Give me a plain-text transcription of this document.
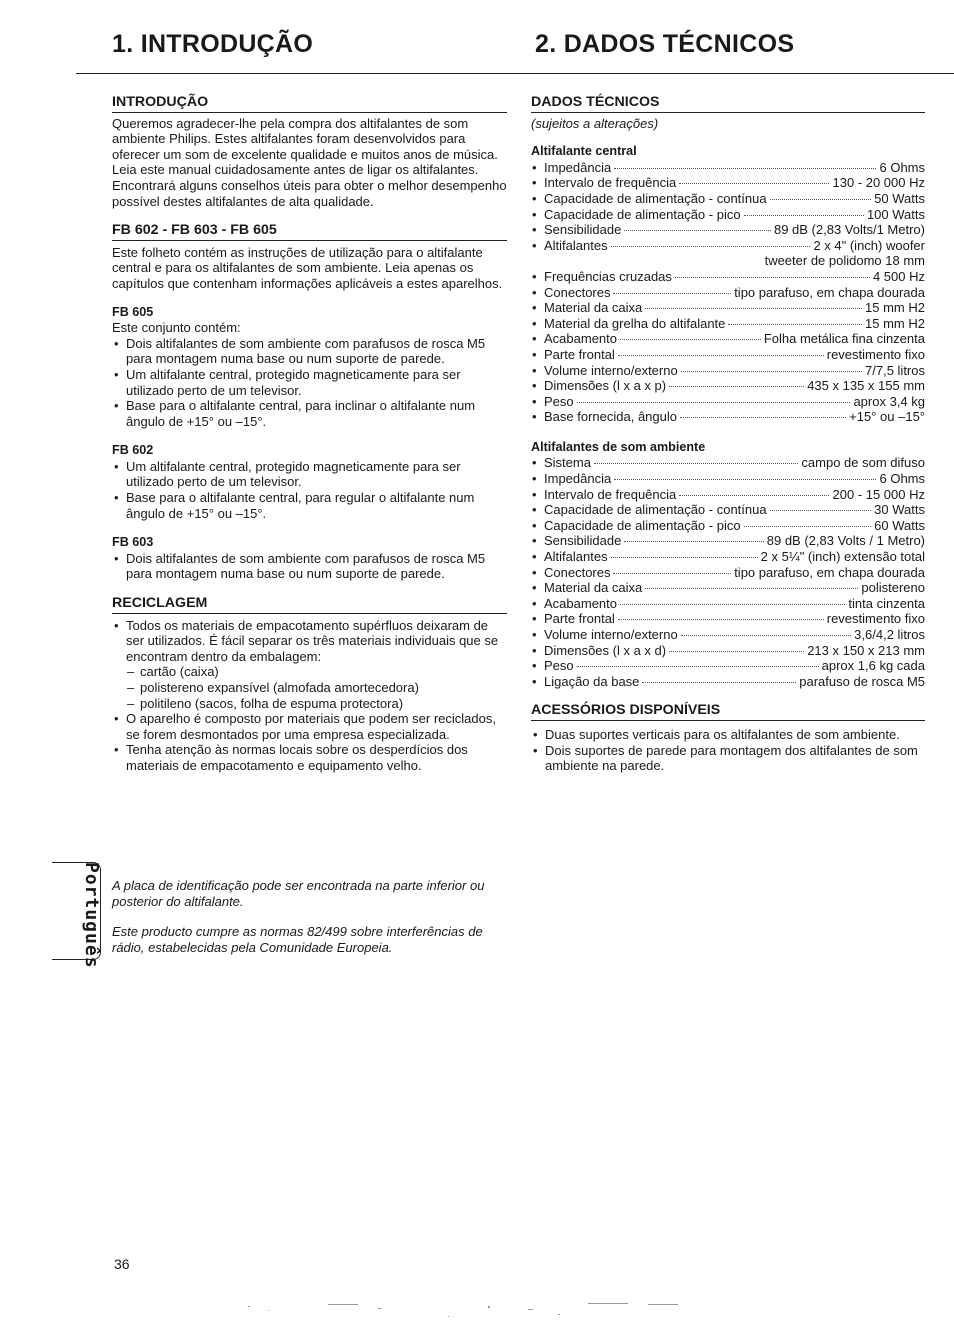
1. INTRODUÇÃO	2. DADOS TÉCNICOS
INTRODUÇÃO

Queremos agradecer-lhe pela compra dos altifalantes de som ambiente Philips. Estes altifalantes foram desenvolvidos para oferecer um som de excelente qualidade e muitos anos de música.

Leia este manual cuidadosamente antes de ligar os altifalantes. Encontrará alguns conselhos úteis para obter o melhor desempenho possível destes altifalantes de alta qualidade.

FB 602 - FB 603 - FB 605

Este folheto contém as instruções de utilização para o altifalante central e para os altifalantes de som ambiente. Leia apenas os capítulos que contenham informações aplicáveis a estes aparelhos.

FB 605

Este conjunto contém:

• Dois altifalantes de som ambiente com parafusos de rosca M5 para montagem numa base ou num suporte de parede.
• Um altifalante central, protegido magneticamente para ser utilizado perto de um televisor.
• Base para o altifalante central, para inclinar o altifalante num ângulo de +15° ou –15°.
FB 602
• Um altifalante central, protegido magneticamente para ser utilizado perto de um televisor.
• Base para o altifalante central, para regular o altifalante num ângulo de +15° ou –15°.
FB 603
• Dois altifalantes de som ambiente com parafusos de rosca M5 para montagem numa base ou num suporte de parede.
RECICLAGEM
• Todos os materiais de empacotamento supérfluos deixaram de ser utilizados. É fácil separar os três materiais individuais que se encontram dentro da embalagem:
– cartão (caixa)
– polistereno expansível (almofada amortecedora)
– politileno (sacos, folha de espuma protectora)
• O aparelho é composto por materiais que podem ser reciclados, se forem desmontados por uma empresa especializada.
• Tenha atenção às normas locais sobre os desperdícios dos materiais de empacotamento e equipamento velho.
Português A placa de identificação pode ser encontrada na parte inferior ou posterior do altifalante.

Este producto cumpre as normas 82/499 sobre interferências de rádio, estabelecidas pela Comunidade Europeia.

DADOS TÉCNICOS

(sujeitos a alterações)

Altifalante central
• Impedância	6 Ohms
• Intervalo de frequência	130 - 20 000 Hz
• Capacidade de alimentação - contínua	50 Watts
• Capacidade de alimentação - pico	100 Watts
• Sensibilidade	89 dB (2,83 Volts/1 Metro)
• Altifalantes	2 x 4" (inch) woofer
tweeter de polidomo 18 mm
• Frequências cruzadas	4 500 Hz
• Conectores	tipo parafuso, em chapa dourada
• Material da caixa	15 mm H2
• Material da grelha do altifalante	15 mm H2
• Acabamento	Folha metálica fina cinzenta
• Parte frontal	revestimento fixo
• Volume interno/externo	7/7,5 litros
• Dimensões (l x a x p)	435 x 135 x 155 mm
• Peso	aprox 3,4 kg
• Base fornecida, ângulo	+15° ou –15°
Altifalantes de som ambiente
• Sistema	campo de som difuso
• Impedância	6 Ohms
• Intervalo de frequência	200 - 15 000 Hz
• Capacidade de alimentação - contínua	30 Watts
• Capacidade de alimentação - pico	60 Watts
• Sensibilidade	89 dB (2,83 Volts / 1 Metro)
• Altifalantes	2 x 5¼" (inch) extensão total
• Conectores	tipo parafuso, em chapa dourada
• Material da caixa	polistereno
• Acabamento	tinta cinzenta
• Parte frontal	revestimento fixo
• Volume interno/externo	3,6/4,2 litros
• Dimensões (l x a x d)	213 x 150 x 213 mm
• Peso	aprox 1,6 kg cada
• Ligação da base	parafuso de rosca M5
ACESSÓRIOS DISPONÍVEIS
• Duas suportes verticais para os altifalantes de som ambiente.
• Dois suportes de parede para montagem dos altifalantes de som ambiente na parede.
36
